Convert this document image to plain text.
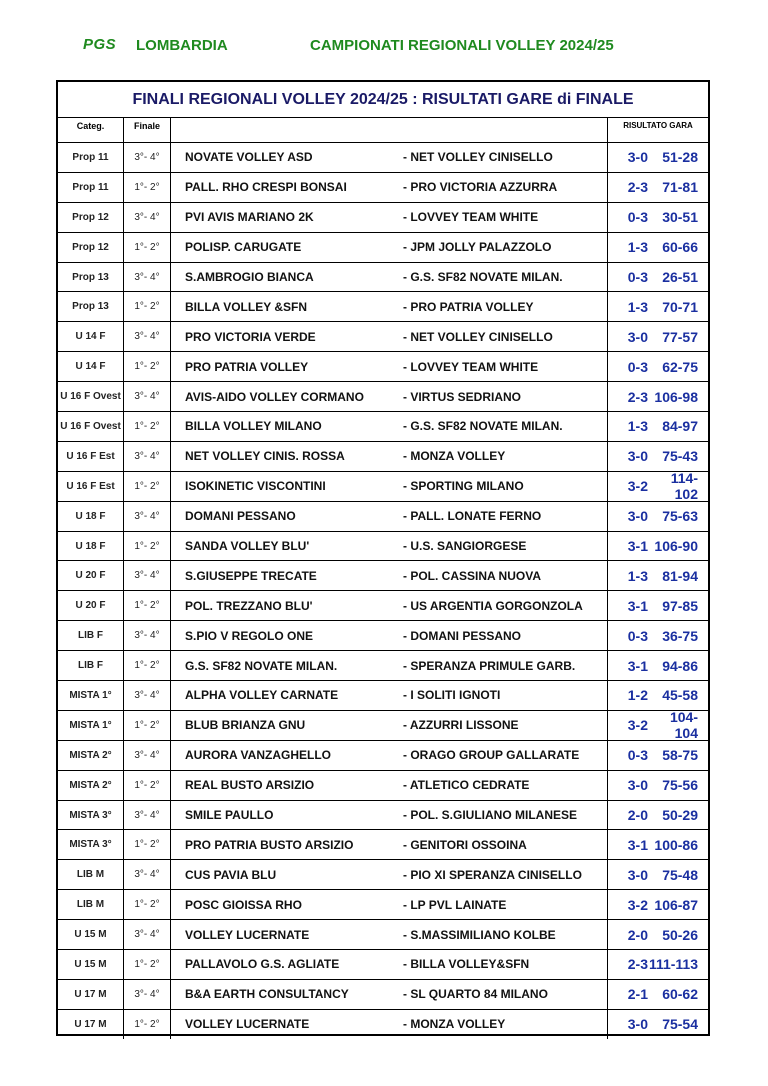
PGS LOMBARDIA	CAMPIONATI REGIONALI VOLLEY 2024/25
FINALI REGIONALI VOLLEY 2024/25 : RISULTATI GARE di FINALE
Categ.	Finale	RISULTATO GARA
Prop 11	3°- 4°	NOVATE VOLLEY ASD	- NET VOLLEY CINISELLO	3-0	51-28
Prop 11	1°- 2°	PALL. RHO CRESPI BONSAI	- PRO VICTORIA AZZURRA	2-3	71-81
Prop 12	3°- 4°	PVI AVIS MARIANO 2K	- LOVVEY TEAM WHITE	0-3	30-51
Prop 12	1°- 2°	POLISP. CARUGATE	- JPM JOLLY PALAZZOLO	1-3	60-66
Prop 13	3°- 4°	S.AMBROGIO BIANCA	- G.S. SF82 NOVATE MILAN.	0-3	26-51
Prop 13	1°- 2°	BILLA VOLLEY &SFN	- PRO PATRIA VOLLEY	1-3	70-71
U 14 F	3°- 4°	PRO VICTORIA VERDE	- NET VOLLEY CINISELLO	3-0	77-57
U 14 F	1°- 2°	PRO PATRIA VOLLEY	- LOVVEY TEAM WHITE	0-3	62-75
U 16 F Ovest	3°- 4°	AVIS-AIDO VOLLEY CORMANO	- VIRTUS SEDRIANO	2-3 106-98
U 16 F Ovest	1°- 2°	BILLA VOLLEY MILANO	- G.S. SF82 NOVATE MILAN.	1-3	84-97
U 16 F Est	3°- 4°	NET VOLLEY CINIS. ROSSA	- MONZA VOLLEY	3-0	75-43
U 16 F Est	1°- 2°	ISOKINETIC VISCONTINI	- SPORTING MILANO	3-2	114-102
U 18 F	3°- 4°	DOMANI PESSANO	- PALL. LONATE FERNO	3-0	75-63
U 18 F	1°- 2°	SANDA VOLLEY BLU'	- U.S. SANGIORGESE	3-1 106-90
U 20 F	3°- 4°	S.GIUSEPPE TRECATE	- POL. CASSINA NUOVA	1-3	81-94
U 20 F	1°- 2°	POL. TREZZANO BLU'	- US ARGENTIA GORGONZOLA	3-1	97-85
LIB F	3°- 4°	S.PIO V REGOLO ONE	- DOMANI PESSANO	0-3	36-75
LIB F	1°- 2°	G.S. SF82 NOVATE MILAN.	- SPERANZA PRIMULE GARB.	3-1	94-86
MISTA 1°	3°- 4°	ALPHA VOLLEY CARNATE	- I SOLITI IGNOTI	1-2	45-58
MISTA 1°	1°- 2°	BLUB BRIANZA GNU	- AZZURRI LISSONE	3-2	104-104
MISTA 2°	3°- 4°	AURORA VANZAGHELLO	- ORAGO GROUP GALLARATE	0-3	58-75
MISTA 2°	1°- 2°	REAL BUSTO ARSIZIO	- ATLETICO CEDRATE	3-0	75-56
MISTA 3°	3°- 4°	SMILE PAULLO	- POL. S.GIULIANO MILANESE	2-0	50-29
MISTA 3°	1°- 2°	PRO PATRIA BUSTO ARSIZIO	- GENITORI OSSOINA	3-1 100-86
LIB M	3°- 4°	CUS PAVIA BLU	- PIO XI SPERANZA CINISELLO	3-0	75-48
LIB M	1°- 2°	POSC GIOISSA RHO	- LP PVL LAINATE	3-2 106-87
U 15 M	3°- 4°	VOLLEY LUCERNATE	- S.MASSIMILIANO KOLBE	2-0	50-26
U 15 M	1°- 2°	PALLAVOLO G.S. AGLIATE	- BILLA VOLLEY&SFN	2-3 111-113
U 17 M	3°- 4°	B&A EARTH CONSULTANCY	- SL QUARTO 84 MILANO	2-1	60-62
U 17 M	1°- 2°	VOLLEY LUCERNATE	- MONZA VOLLEY	3-0	75-54
